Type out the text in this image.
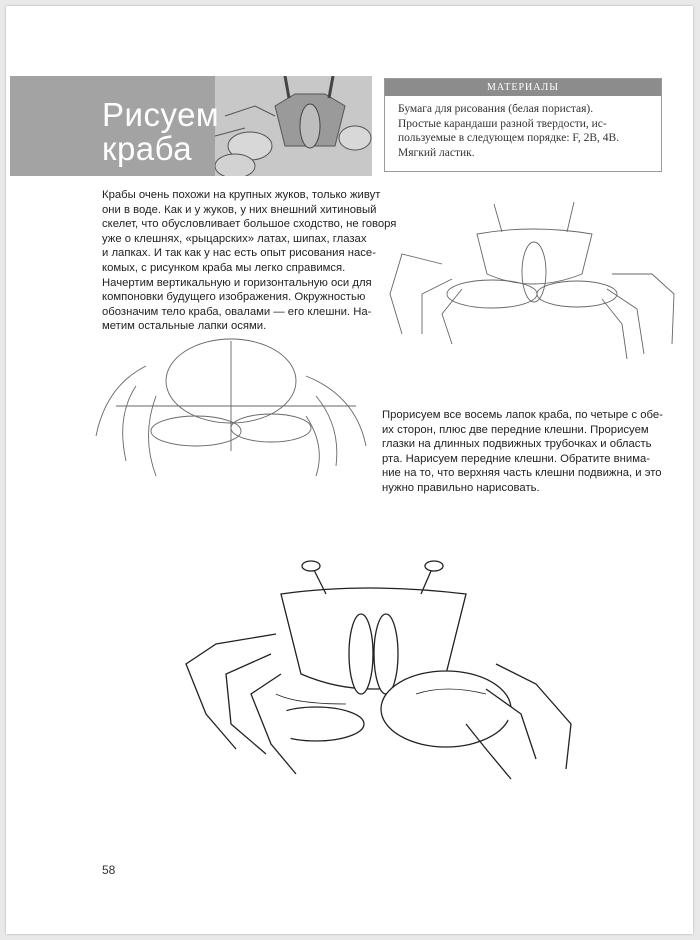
Рисуем
краба
МАТЕРИАЛЫ
Бумага для рисования (белая пористая).
Простые карандаши разной твердости, ис-
пользуемые в следующем порядке: F, 2B, 4B.
Мягкий ластик.
Крабы очень похожи на крупных жуков, только живут
они в воде. Как и у жуков, у них внешний хитиновый
скелет, что обусловливает большое сходство, не говоря
уже о клешнях, «рыцарских» латах, шипах, глазах
и лапках. И так как у нас есть опыт рисования насе-
комых, с рисунком краба мы легко справимся.
Начертим вертикальную и горизонтальную оси для
компоновки будущего изображения. Окружностью
обозначим тело краба, овалами — его клешни. На-
метим остальные лапки осями.
Прорисуем все восемь лапок краба, по четыре с обе-
их сторон, плюс две передние клешни. Прорисуем
глазки на длинных подвижных трубочках и область
рта. Нарисуем передние клешни. Обратите внима-
ние на то, что верхняя часть клешни подвижна, и это
нужно правильно нарисовать.
58
